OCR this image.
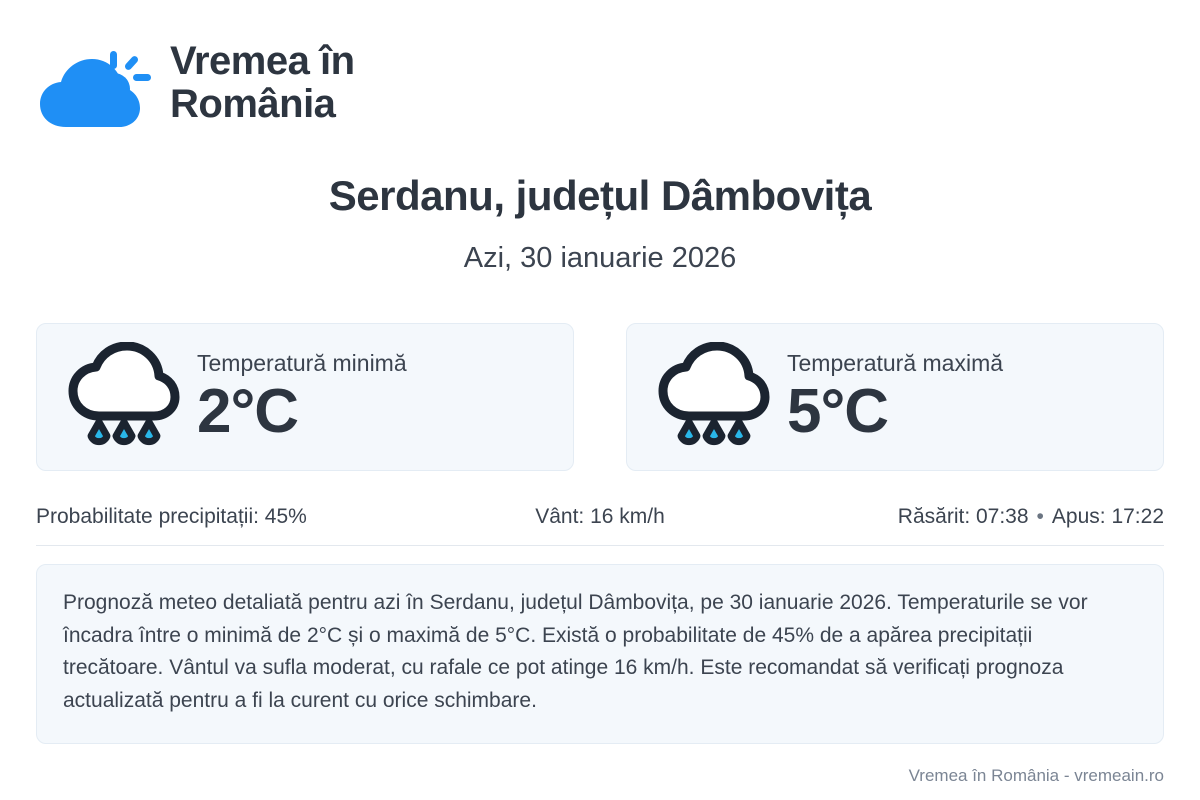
Vremea în România
Serdanu, județul Dâmbovița
Azi, 30 ianuarie 2026
Temperatură minimă
2°C
Temperatură maximă
5°C
Probabilitate precipitații: 45%	Vânt: 16 km/h	Răsărit: 07:38 • Apus: 17:22
Prognoză meteo detaliată pentru azi în Serdanu, județul Dâmbovița, pe 30 ianuarie 2026. Temperaturile se vor încadra între o minimă de 2°C și o maximă de 5°C. Există o probabilitate de 45% de a apărea precipitații trecătoare. Vântul va sufla moderat, cu rafale ce pot atinge 16 km/h. Este recomandat să verificați prognoza actualizată pentru a fi la curent cu orice schimbare.
Vremea în România - vremeain.ro
